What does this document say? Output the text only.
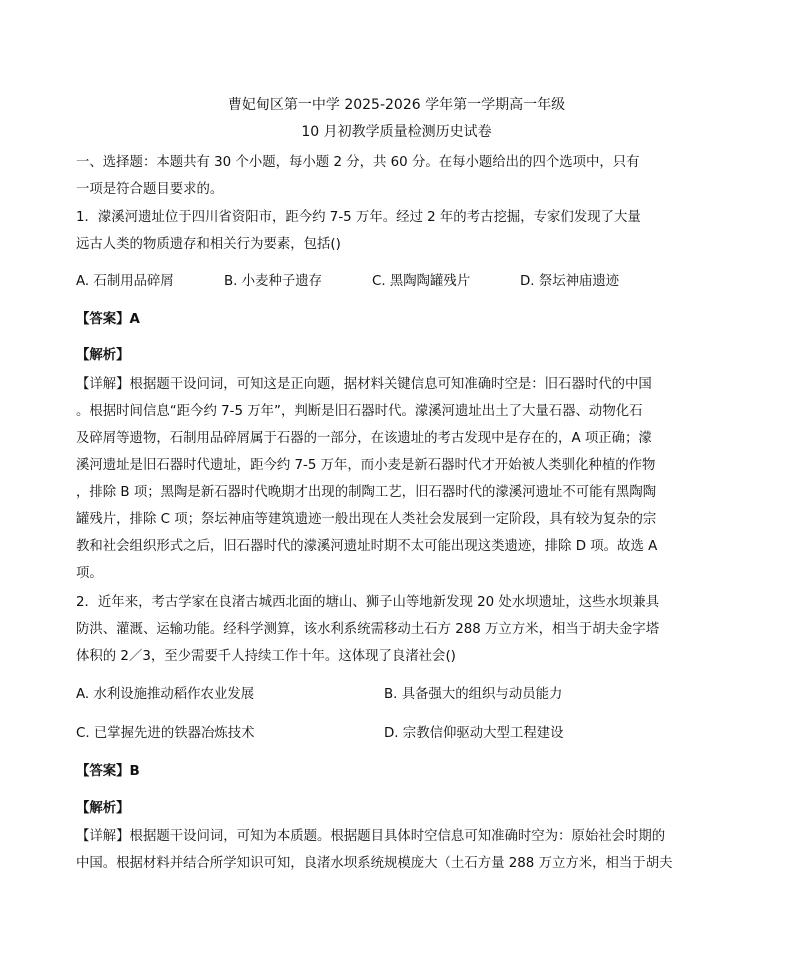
曹妃甸区第一中学 2025-2026 学年第一学期高一年级
10 月初教学质量检测历史试卷
一、选择题：本题共有 30 个小题，每小题 2 分，共 60 分。在每小题给出的四个选项中，只有
一项是符合题目要求的。
1．濛溪河遗址位于四川省资阳市，距今约 7-5 万年。经过 2 年的考古挖掘，专家们发现了大量
远古人类的物质遗存和相关行为要素，包括()
A. 石制用品碎屑	B. 小麦种子遗存	C. 黑陶陶罐残片	D. 祭坛神庙遗迹
【答案】A
【解析】
【详解】根据题干设问词，可知这是正向题，据材料关键信息可知准确时空是：旧石器时代的中国
。根据时间信息“距今约 7-5 万年”，判断是旧石器时代。濛溪河遗址出土了大量石器、动物化石
及碎屑等遗物，石制用品碎屑属于石器的一部分，在该遗址的考古发现中是存在的，A 项正确；濛
溪河遗址是旧石器时代遗址，距今约 7-5 万年，而小麦是新石器时代才开始被人类驯化种植的作物
，排除 B 项；黑陶是新石器时代晚期才出现的制陶工艺，旧石器时代的濛溪河遗址不可能有黑陶陶
罐残片，排除 C 项；祭坛神庙等建筑遗迹一般出现在人类社会发展到一定阶段，具有较为复杂的宗
教和社会组织形式之后，旧石器时代的濛溪河遗址时期不太可能出现这类遗迹，排除 D 项。故选 A
项。
2．近年来，考古学家在良渚古城西北面的塘山、狮子山等地新发现 20 处水坝遗址，这些水坝兼具
防洪、灌溉、运输功能。经科学测算，该水利系统需移动土石方 288 万立方米，相当于胡夫金字塔
体积的 2／3，至少需要千人持续工作十年。这体现了良渚社会()
A. 水利设施推动稻作农业发展	B. 具备强大的组织与动员能力
C. 已掌握先进的铁器冶炼技术	D. 宗教信仰驱动大型工程建设
【答案】B
【解析】
【详解】根据题干设问词，可知为本质题。根据题目具体时空信息可知准确时空为：原始社会时期的
中国。根据材料并结合所学知识可知，良渚水坝系统规模庞大（土石方量 288 万立方米，相当于胡夫
